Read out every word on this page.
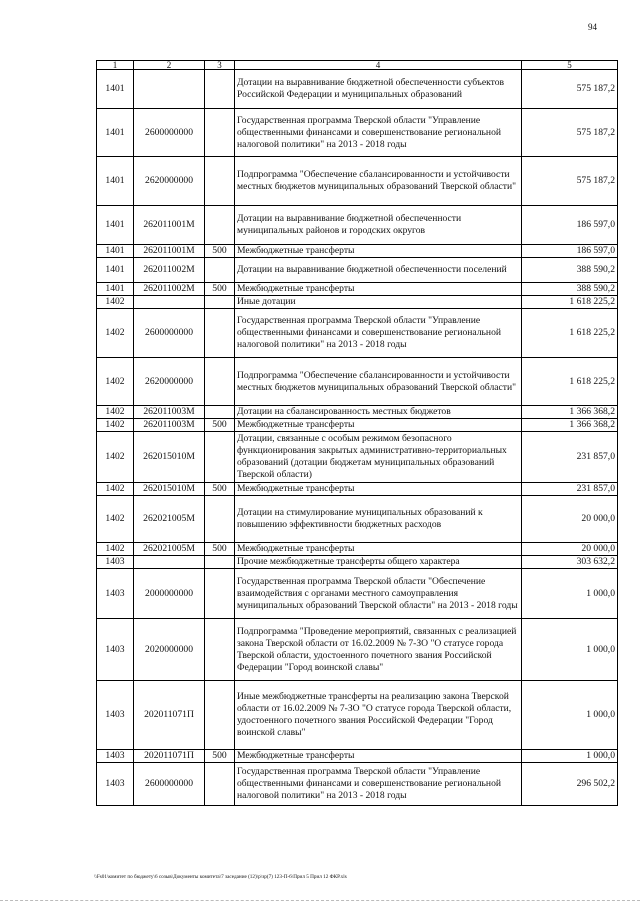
94
1	2	3	4	5
1401			Дотации на выравнивание бюджетной обеспеченности субъектов Российской Федерации и муниципальных образований	575 187,2
1401	2600000000		Государственная программа Тверской области "Управление общественными финансами и совершенствование региональной налоговой политики" на 2013 - 2018 годы	575 187,2
1401	2620000000		Подпрограмма "Обеспечение сбалансированности и устойчивости местных бюджетов муниципальных образований Тверской области"	575 187,2
1401	262011001М		Дотации на выравнивание бюджетной обеспеченности муниципальных районов и городских округов	186 597,0
1401	262011001М	500	Межбюджетные трансферты	186 597,0
1401	262011002М		Дотации на выравнивание бюджетной обеспеченности поселений	388 590,2
1401	262011002М	500	Межбюджетные трансферты	388 590,2
1402			Иные дотации	1 618 225,2
1402	2600000000		Государственная программа Тверской области "Управление общественными финансами и совершенствование региональной налоговой политики" на 2013 - 2018 годы	1 618 225,2
1402	2620000000		Подпрограмма "Обеспечение сбалансированности и устойчивости местных бюджетов муниципальных образований Тверской области"	1 618 225,2
1402	262011003М		Дотации на сбалансированность местных бюджетов	1 366 368,2
1402	262011003М	500	Межбюджетные трансферты	1 366 368,2
1402	262015010М		Дотации, связанные с особым режимом безопасного функционирования закрытых административно-территориальных образований (дотации бюджетам муниципальных образований Тверской области)	231 857,0
1402	262015010М	500	Межбюджетные трансферты	231 857,0
1402	262021005М		Дотации на стимулирование муниципальных образований к повышению эффективности бюджетных расходов	20 000,0
1402	262021005М	500	Межбюджетные трансферты	20 000,0
1403			Прочие межбюджетные трансферты общего характера	303 632,2
1403	2000000000		Государственная программа Тверской области "Обеспечение взаимодействия с органами местного самоуправления муниципальных образований Тверской области" на 2013 - 2018 годы	1 000,0
1403	2020000000		Подпрограмма "Проведение мероприятий, связанных с реализацией закона Тверской области от 16.02.2009 № 7-ЗО "О статусе города Тверской области, удостоенного почетного звания Российской Федерации "Город воинской славы"	1 000,0
1403	202011071П		Иные межбюджетные трансферты на реализацию закона Тверской области от 16.02.2009 № 7-ЗО "О статусе города Тверской области, удостоенного почетного звания Российской Федерации "Город воинской славы"	1 000,0
1403	202011071П	500	Межбюджетные трансферты	1 000,0
1403	2600000000		Государственная программа Тверской области "Управление общественными финансами и совершенствование региональной налоговой политики" на 2013 - 2018 годы	296 502,2
\\Fs01\комитет по бюджету\6 созыв\Документы комитета\7 заседание (12)\р\зр(7) 123-П-6\Прил 5 Прил 12 ФКР.xls
